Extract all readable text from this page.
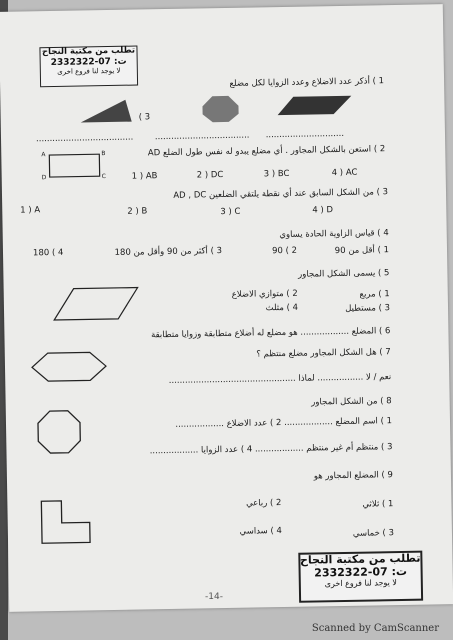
تطلب من مكتبة النجاح
ت: 07-2332322
لا يوجد لنا فروع اخرى
1 ) أذكر عدد الاضلاع وعدد الزوايا لكل مضلع
( 3
....................................        ...................................      .............................
2 ) استعن بالشكل المجاور . أي مضلع يبدو له نفس طول الضلع AD
A	B
D	C	1 ) AB	2 ) DC	3 ) BC	4 ) AC
3 ) من الشكل السابق عند أي نقطة يلتقي الضلعين AD , DC
1 ) A	2 ) B	3 ) C	4 ) D
4 ) قياس الزاوية الحادة يساوي
1 ) أقل من 90
2 ) 90
3 ) أكثر من 90 وأقل من 180
180 ( 4
5 ) يسمى الشكل المجاور
1 ) مربع
2 ) متوازي الاضلاع
3 ) مستطيل
4 ) مثلث
6 ) المضلع .................. هو مضلع له أضلاع متطابقة وزوايا متطابقة
7 ) هل الشكل المجاور مضلع منتظم ؟
نعم / لا ................. لماذا ...............................................
8 ) من الشكل المجاور
1 ) اسم المضلع .................. 2 ) عدد الاضلاع ..................
3 ) منتظم أم غير منتظم .................. 4 ) عدد الزوايا ..................
9 ) المضلع المجاور هو
1 ) ثلاثي
2 ) رباعي
3 ) خماسي
4 ) سداسي
تطلب من مكتبة النجاح
ت: 07-2332322
لا يوجد لنا فروع اخرى
-14-
Scanned by CamScanner
